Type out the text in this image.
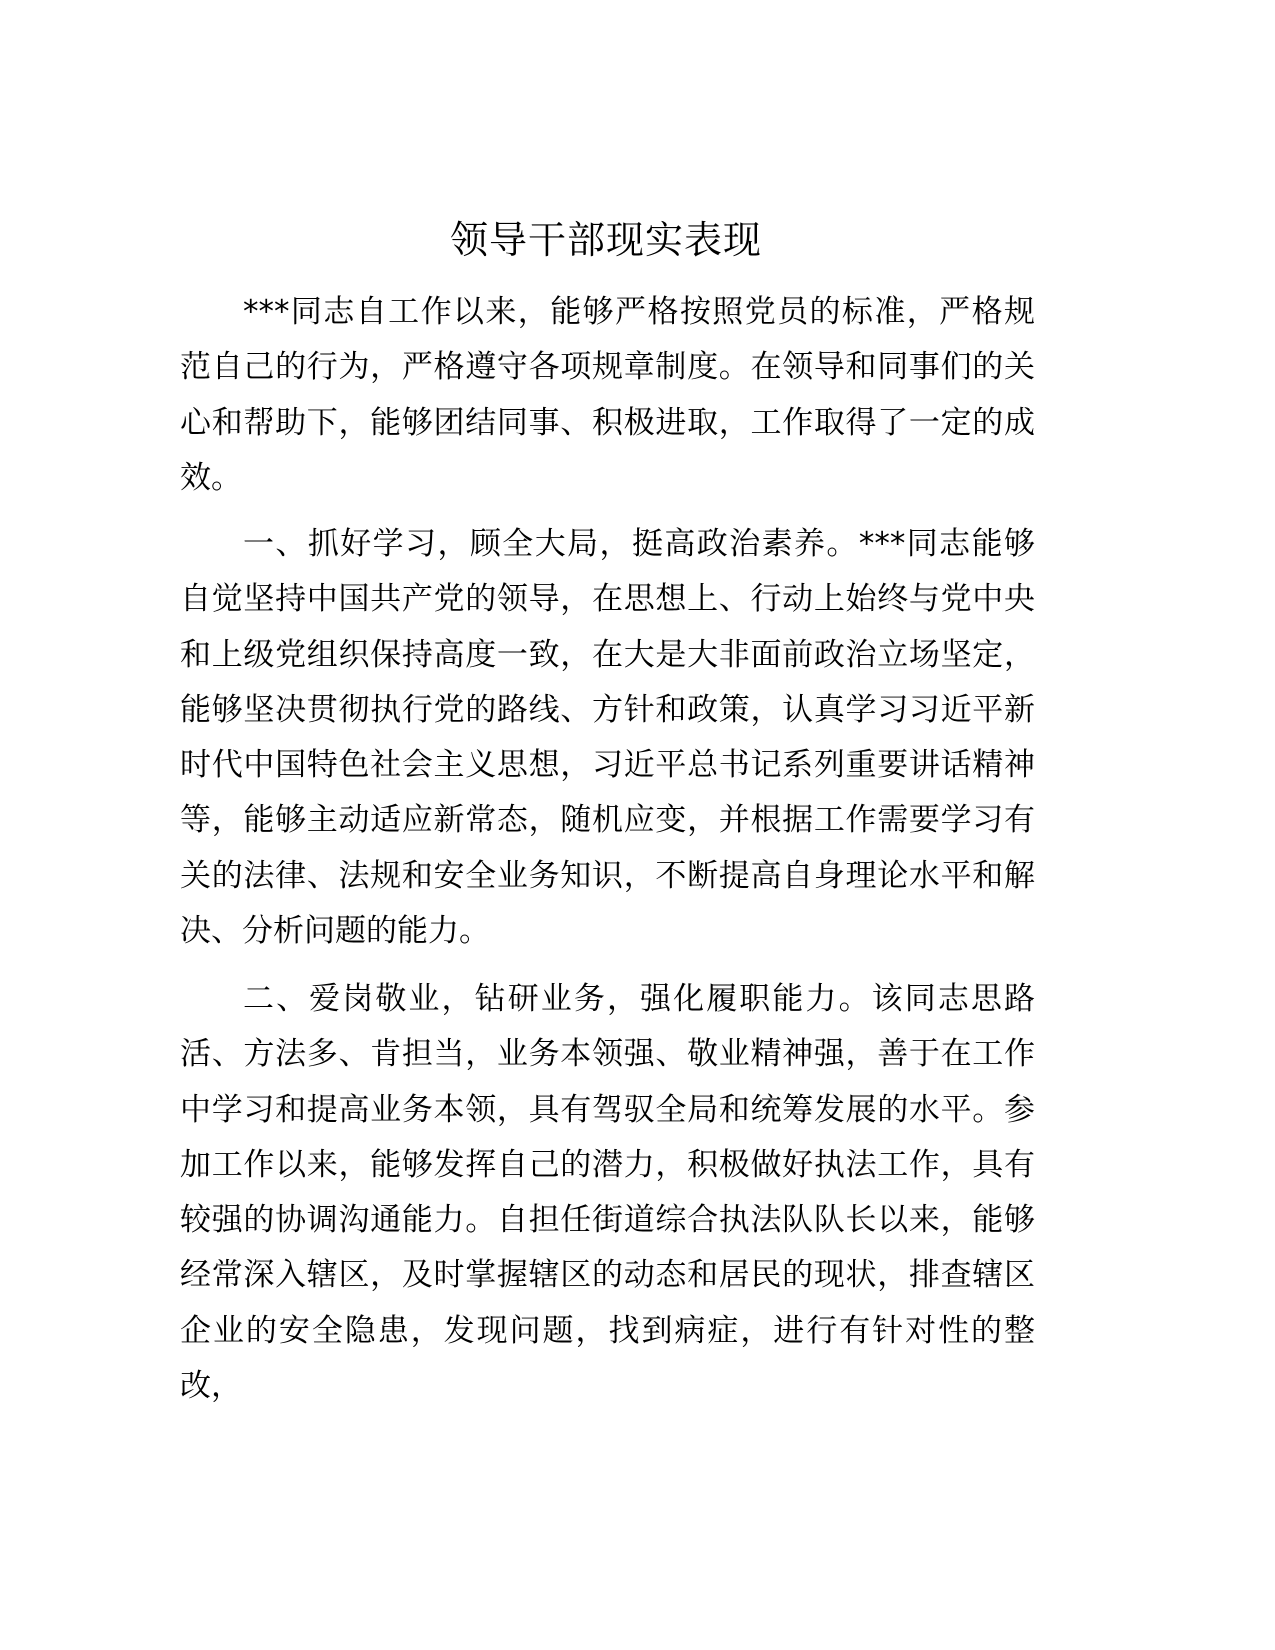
领导干部现实表现
***同志自工作以来，能够严格按照党员的标准，严格规
范自己的行为，严格遵守各项规章制度。在领导和同事们的关
心和帮助下，能够团结同事、积极进取，工作取得了一定的成
效。
一、抓好学习，顾全大局，挺高政治素养。***同志能够
自觉坚持中国共产党的领导，在思想上、行动上始终与党中央
和上级党组织保持高度一致，在大是大非面前政治立场坚定，
能够坚决贯彻执行党的路线、方针和政策，认真学习习近平新
时代中国特色社会主义思想，习近平总书记系列重要讲话精神
等，能够主动适应新常态，随机应变，并根据工作需要学习有
关的法律、法规和安全业务知识，不断提高自身理论水平和解
决、分析问题的能力。
二、爱岗敬业，钻研业务，强化履职能力。该同志思路
活、方法多、肯担当，业务本领强、敬业精神强，善于在工作
中学习和提高业务本领，具有驾驭全局和统筹发展的水平。参
加工作以来，能够发挥自己的潜力，积极做好执法工作，具有
较强的协调沟通能力。自担任街道综合执法队队长以来，能够
经常深入辖区，及时掌握辖区的动态和居民的现状，排查辖区
企业的安全隐患，发现问题，找到病症，进行有针对性的整
改，
